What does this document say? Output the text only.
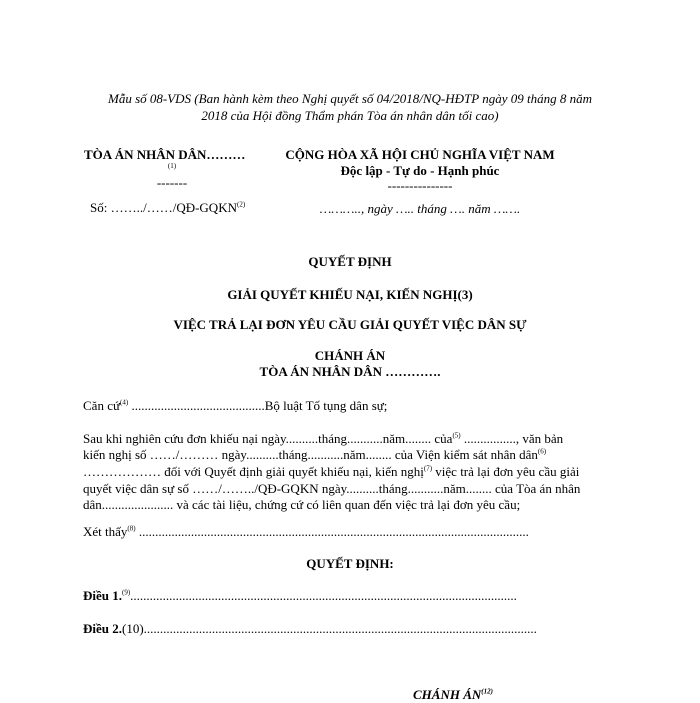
Mẫu số 08-VDS (Ban hành kèm theo Nghị quyết số 04/2018/NQ-HĐTP ngày 09 tháng 8 năm
2018 của Hội đồng Thẩm phán Tòa án nhân dân tối cao)
TÒA ÁN NHÂN DÂN………
(1)
-------
Số: ……../……/QĐ-GQKN$^{(2)}$
CỘNG HÒA XÃ HỘI CHỦ NGHĨA VIỆT NAM
Độc lập - Tự do - Hạnh phúc
---------------
……….., ngày ….. tháng …. năm …….
QUYẾT ĐỊNH
GIẢI QUYẾT KHIẾU NẠI, KIẾN NGHỊ(3)
VIỆC TRẢ LẠI ĐƠN YÊU CẦU GIẢI QUYẾT VIỆC DÂN SỰ
CHÁNH ÁN
TÒA ÁN NHÂN DÂN ………….
Căn cứ$^{(4)}$ .........................................Bộ luật Tố tụng dân sự;
Sau khi nghiên cứu đơn khiếu nại ngày..........tháng...........năm........ của$^{(5)}$ ................, văn bản
kiến nghị số ……/……… ngày..........tháng...........năm........ của Viện kiểm sát nhân dân$^{(6)}$
……………… đối với Quyết định giải quyết khiếu nại, kiến nghị$^{(7)}$ việc trả lại đơn yêu cầu giải
quyết việc dân sự số ……/……../QĐ-GQKN ngày..........tháng...........năm........ của Tòa án nhân
dân...................... và các tài liệu, chứng cứ có liên quan đến việc trả lại đơn yêu cầu;
Xét thấy$^{(8)}$ ........................................................................................................................
QUYẾT ĐỊNH:
Điều 1.$^{(9)}$.......................................................................................................................
Điều 2.(10).........................................................................................................................
CHÁNH ÁN$^{(12)}$
